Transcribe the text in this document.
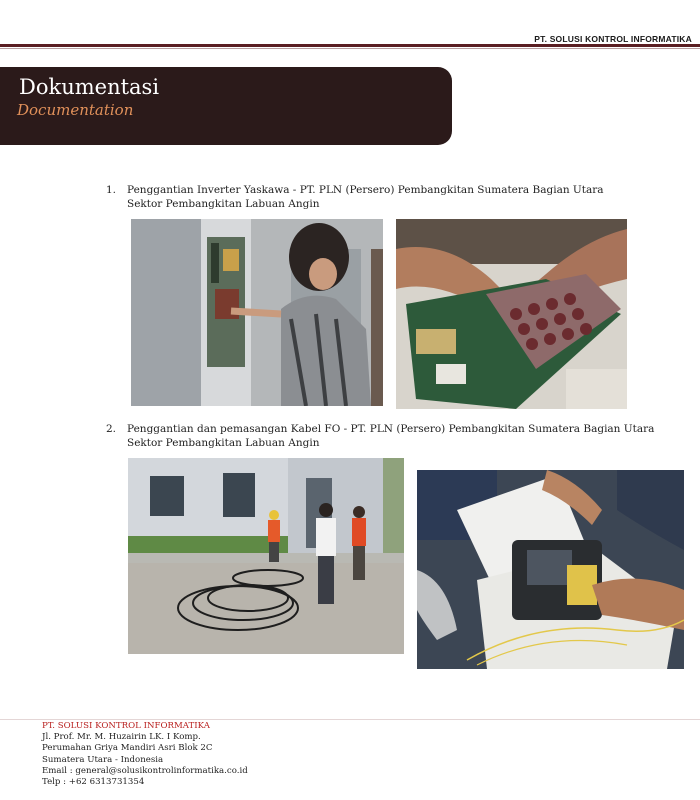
PT. SOLUSI KONTROL INFORMATIKA
Dokumentasi
Documentation
1.	Penggantian Inverter Yaskawa - PT. PLN (Persero) Pembangkitan Sumatera Bagian Utara
Sektor Pembangkitan Labuan Angin
2.	Penggantian dan pemasangan Kabel FO - PT. PLN (Persero) Pembangkitan Sumatera Bagian Utara
Sektor Pembangkitan Labuan Angin
PT. SOLUSI KONTROL INFORMATIKA
Jl. Prof. Mr. M. Huzairin LK. I Komp.
Perumahan Griya Mandiri Asri Blok 2C
Sumatera Utara - Indonesia
Email : general@solusikontrolinformatika.co.id
Telp : +62 6313731354
